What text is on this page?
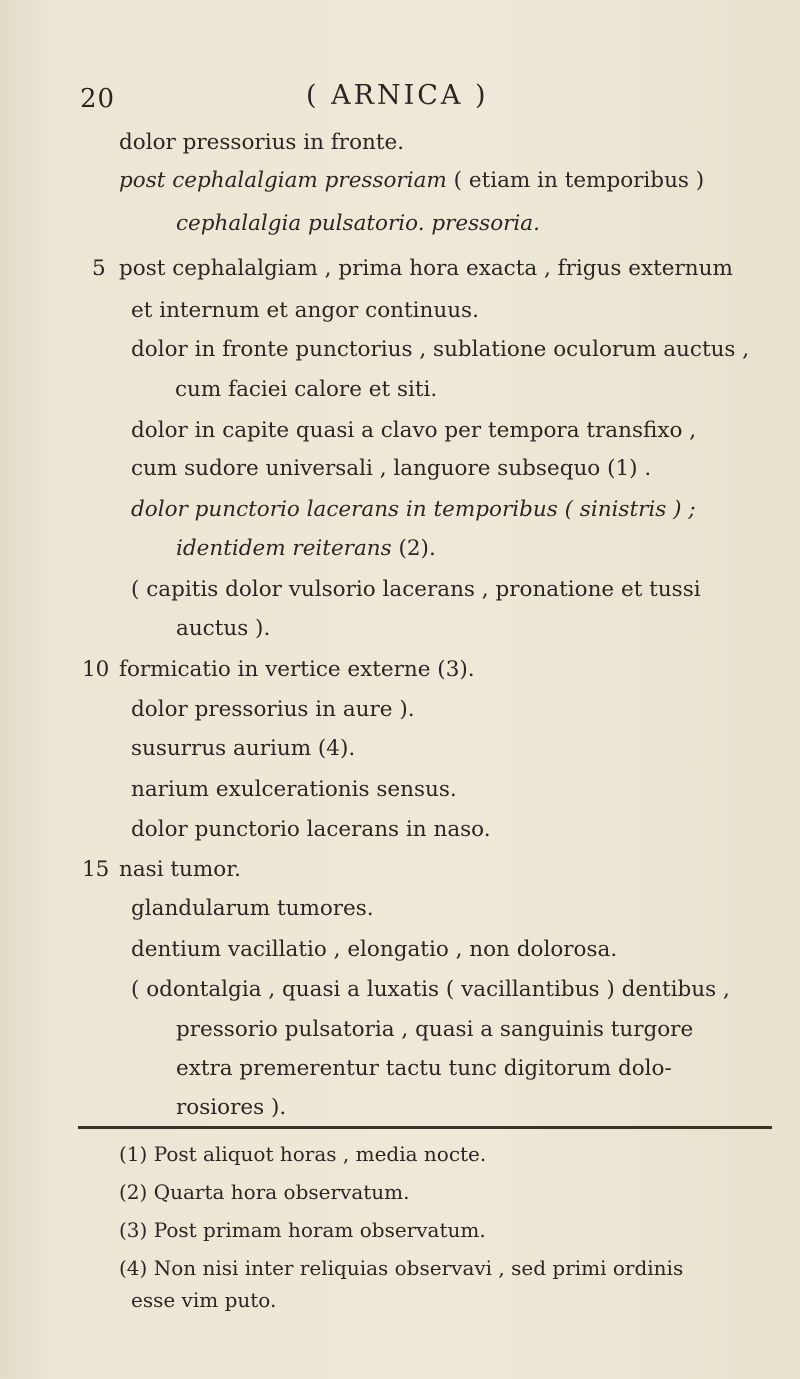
20	( ARNICA )
dolor pressorius in fronte.
post cephalalgiam pressoriam ( etiam in temporibus )
cephalalgia pulsatorio. pressoria.
5 post cephalalgiam , prima hora exacta , frigus externum
et internum et angor continuus.
dolor in fronte punctorius , sublatione oculorum auctus ,
cum faciei calore et siti.
dolor in capite quasi a clavo per tempora transfixo ,
cum sudore universali , languore subsequo (1) .
dolor punctorio lacerans in temporibus ( sinistris ) ;
identidem reiterans (2).
( capitis dolor vulsorio lacerans , pronatione et tussi
auctus ).
10 formicatio in vertice externe (3).
dolor pressorius in aure ).
susurrus aurium (4).
narium exulcerationis sensus.
dolor punctorio lacerans in naso.
15 nasi tumor.
glandularum tumores.
dentium vacillatio , elongatio , non dolorosa.
( odontalgia , quasi a luxatis ( vacillantibus ) dentibus ,
pressorio pulsatoria , quasi a sanguinis turgore
extra premerentur tactu tunc digitorum dolo-
rosiores ).
(1) Post aliquot horas , media nocte.
(2) Quarta hora observatum.
(3) Post primam horam observatum.
(4) Non nisi inter reliquias observavi , sed primi ordinis
esse vim puto.
